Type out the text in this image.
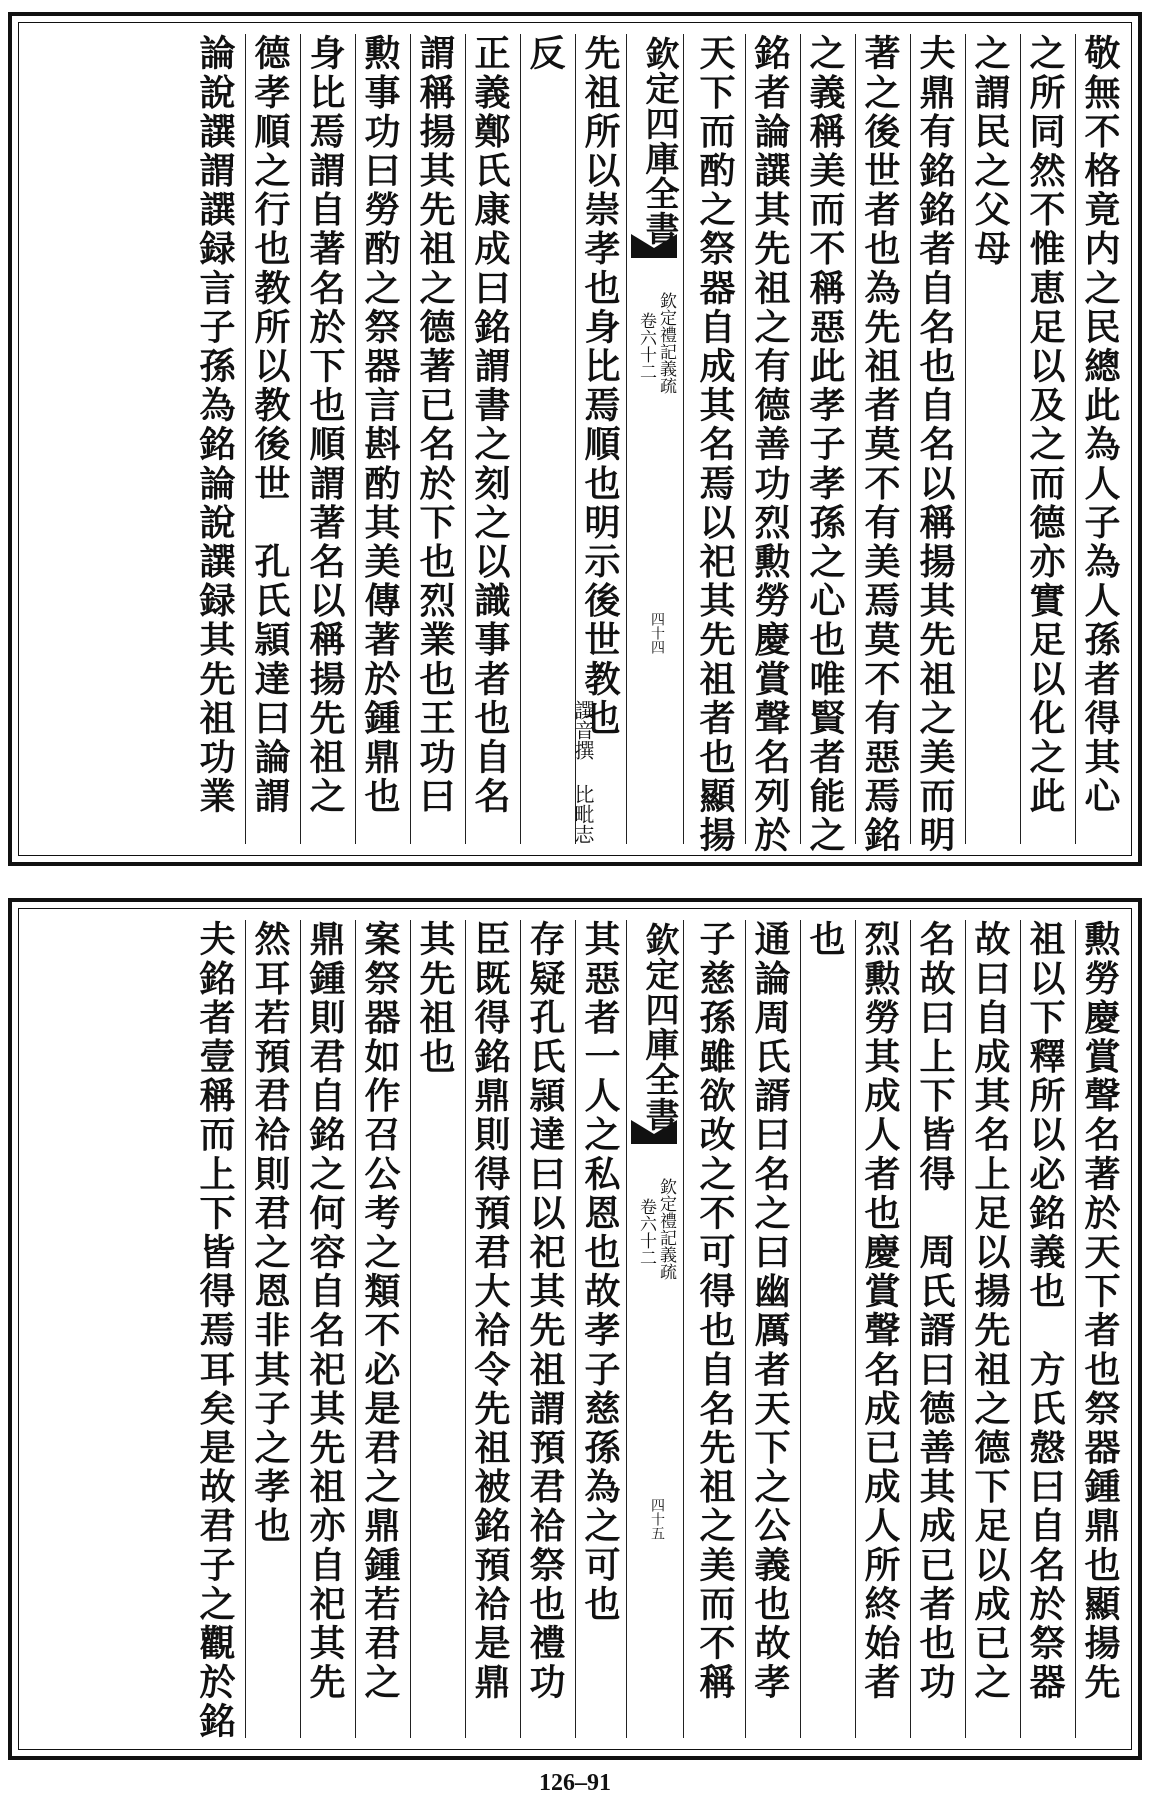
敬無不格竟内之民總此為人子為人孫者得其心
之所同然不惟恵足以及之而德亦實足以化之此
之謂民之父母
夫鼎有銘銘者自名也自名以稱揚其先祖之美而明
著之後世者也為先祖者莫不有美焉莫不有惡焉銘
之義稱美而不稱惡此孝子孝孫之心也唯賢者能之
銘者論譔其先祖之有德善功烈勲勞慶賞聲名列於
天下而酌之祭器自成其名焉以祀其先祖者也顯揚
欽定四庫全書
欽定禮記義疏
卷六十二
四十四
先祖所以崇孝也身比焉順也明示後世教也
譔音撰 比毗志
反
正義鄭氏康成曰銘謂書之刻之以識事者也自名
謂稱揚其先祖之德著已名於下也烈業也王功曰
勲事功曰勞酌之祭器言斟酌其美傳著於鍾鼎也
身比焉謂自著名於下也順謂著名以稱揚先祖之
德孝順之行也教所以教後世　孔氏頴達曰論謂
論說譔謂譔録言子孫為銘論說譔録其先祖功業
勲勞慶賞聲名著於天下者也祭器鍾鼎也顯揚先
祖以下釋所以必銘義也　方氏慤曰自名於祭器
故曰自成其名上足以揚先祖之德下足以成已之
名故曰上下皆得　周氏諝曰德善其成已者也功
烈勲勞其成人者也慶賞聲名成已成人所終始者
也
通論周氏諝曰名之曰幽厲者天下之公義也故孝
子慈孫雖欲改之不可得也自名先祖之美而不稱
欽定四庫全書
欽定禮記義疏
卷六十二
四十五
其惡者一人之私恩也故孝子慈孫為之可也
存疑孔氏頴達曰以祀其先祖謂預君祫祭也禮功
臣既得銘鼎則得預君大祫令先祖被銘預祫是鼎
其先祖也
案祭器如作召公考之類不必是君之鼎鍾若君之
鼎鍾則君自銘之何容自名祀其先祖亦自祀其先
然耳若預君祫則君之恩非其子之孝也
夫銘者壹稱而上下皆得焉耳矣是故君子之觀於銘
126–91
